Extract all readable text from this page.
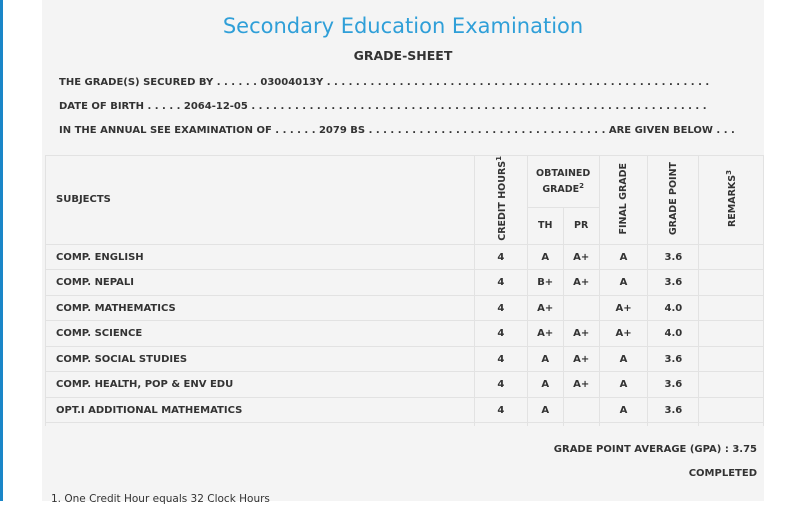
Secondary Education Examination
GRADE-SHEET
THE GRADE(S) SECURED BY . . . . . . 03004013Y . . . . . . . . . . . . . . . . . . . . . . . . . . . . . . . . . . . . . . . . . . . . . . . . . . . . .
DATE OF BIRTH . . . . . 2064-12-05 . . . . . . . . . . . . . . . . . . . . . . . . . . . . . . . . . . . . . . . . . . . . . . . . . . . . . . . . . . . . . . .
IN THE ANNUAL SEE EXAMINATION OF . . . . . . 2079 BS . . . . . . . . . . . . . . . . . . . . . . . . . . . . . . . . . ARE GIVEN BELOW . . .
SUBJECTS	CREDIT HOURS$^1$	OBTAINED GRADE$^2$		FINAL GRADE	GRADE POINT	REMARKS$^3$
		TH	PR			
COMP. ENGLISH	4	A	A+	A	3.6	
COMP. NEPALI	4	B+	A+	A	3.6	
COMP. MATHEMATICS	4	A+		A+	4.0	
COMP. SCIENCE	4	A+	A+	A+	4.0	
COMP. SOCIAL STUDIES	4	A	A+	A	3.6	
COMP. HEALTH, POP & ENV EDU	4	A	A+	A	3.6	
OPT.I ADDITIONAL MATHEMATICS	4	A		A	3.6	

GRADE POINT AVERAGE (GPA) : 3.75
COMPLETED
1. One Credit Hour equals 32 Clock Hours
